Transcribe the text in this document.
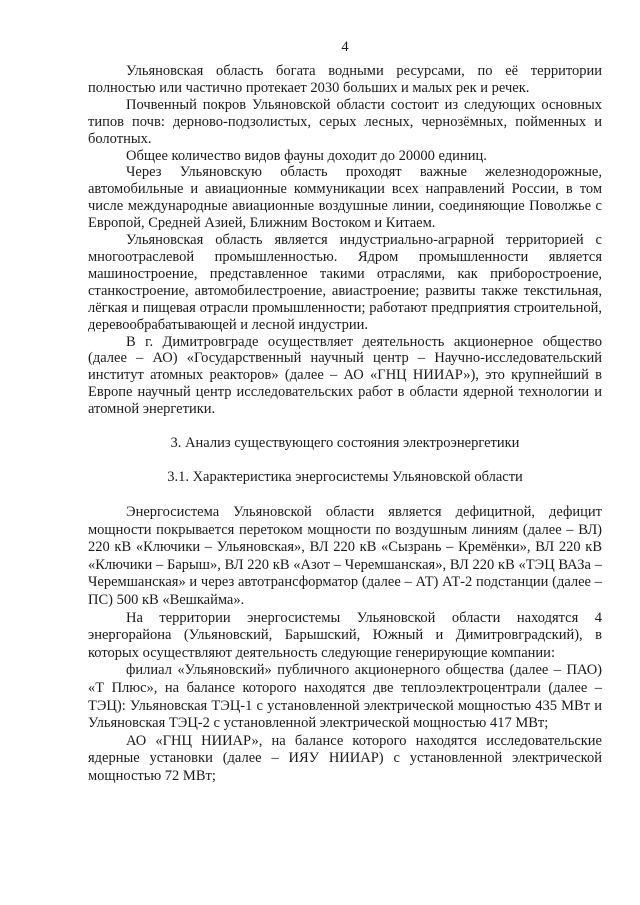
4

Ульяновская область богата водными ресурсами, по её территории полностью или частично протекает 2030 больших и малых рек и речек.

Почвенный покров Ульяновской области состоит из следующих основных типов почв: дерново-подзолистых, серых лесных, чернозёмных, пойменных и болотных.

Общее количество видов фауны доходит до 20000 единиц.

Через Ульяновскую область проходят важные железнодорожные, автомобильные и авиационные коммуникации всех направлений России, в том числе международные авиационные воздушные линии, соединяющие Поволжье с Европой, Средней Азией, Ближним Востоком и Китаем.

Ульяновская область является индустриально-аграрной территорией с многоотраслевой промышленностью. Ядром промышленности является машиностроение, представленное такими отраслями, как приборостроение, станкостроение, автомобилестроение, авиастроение; развиты также текстильная, лёгкая и пищевая отрасли промышленности; работают предприятия строительной, деревообрабатывающей и лесной индустрии.

В г. Димитровграде осуществляет деятельность акционерное общество (далее – АО) «Государственный научный центр – Научно-исследовательский институт атомных реакторов» (далее – АО «ГНЦ НИИАР»), это крупнейший в Европе научный центр исследовательских работ в области ядерной технологии и атомной энергетики.

3. Анализ существующего состояния электроэнергетики
3.1. Характеристика энергосистемы Ульяновской области

Энергосистема Ульяновской области является дефицитной, дефицит мощности покрывается перетоком мощности по воздушным линиям (далее – ВЛ) 220 кВ «Ключики – Ульяновская», ВЛ 220 кВ «Сызрань – Кремёнки», ВЛ 220 кВ «Ключики – Барыш», ВЛ 220 кВ «Азот – Черемшанская», ВЛ 220 кВ «ТЭЦ ВАЗа – Черемшанская» и через автотрансформатор (далее – АТ) АТ-2 подстанции (далее – ПС) 500 кВ «Вешкайма».

На территории энергосистемы Ульяновской области находятся 4 энергорайона (Ульяновский, Барышский, Южный и Димитровградский), в которых осуществляют деятельность следующие генерирующие компании:

филиал «Ульяновский» публичного акционерного общества (далее – ПАО) «Т Плюс», на балансе которого находятся две теплоэлектроцентрали (далее – ТЭЦ): Ульяновская ТЭЦ-1 с установленной электрической мощностью 435 МВт и Ульяновская ТЭЦ-2 с установленной электрической мощностью 417 МВт;

АО «ГНЦ НИИАР», на балансе которого находятся исследовательские ядерные установки (далее – ИЯУ НИИАР) с установленной электрической мощностью 72 МВт;
